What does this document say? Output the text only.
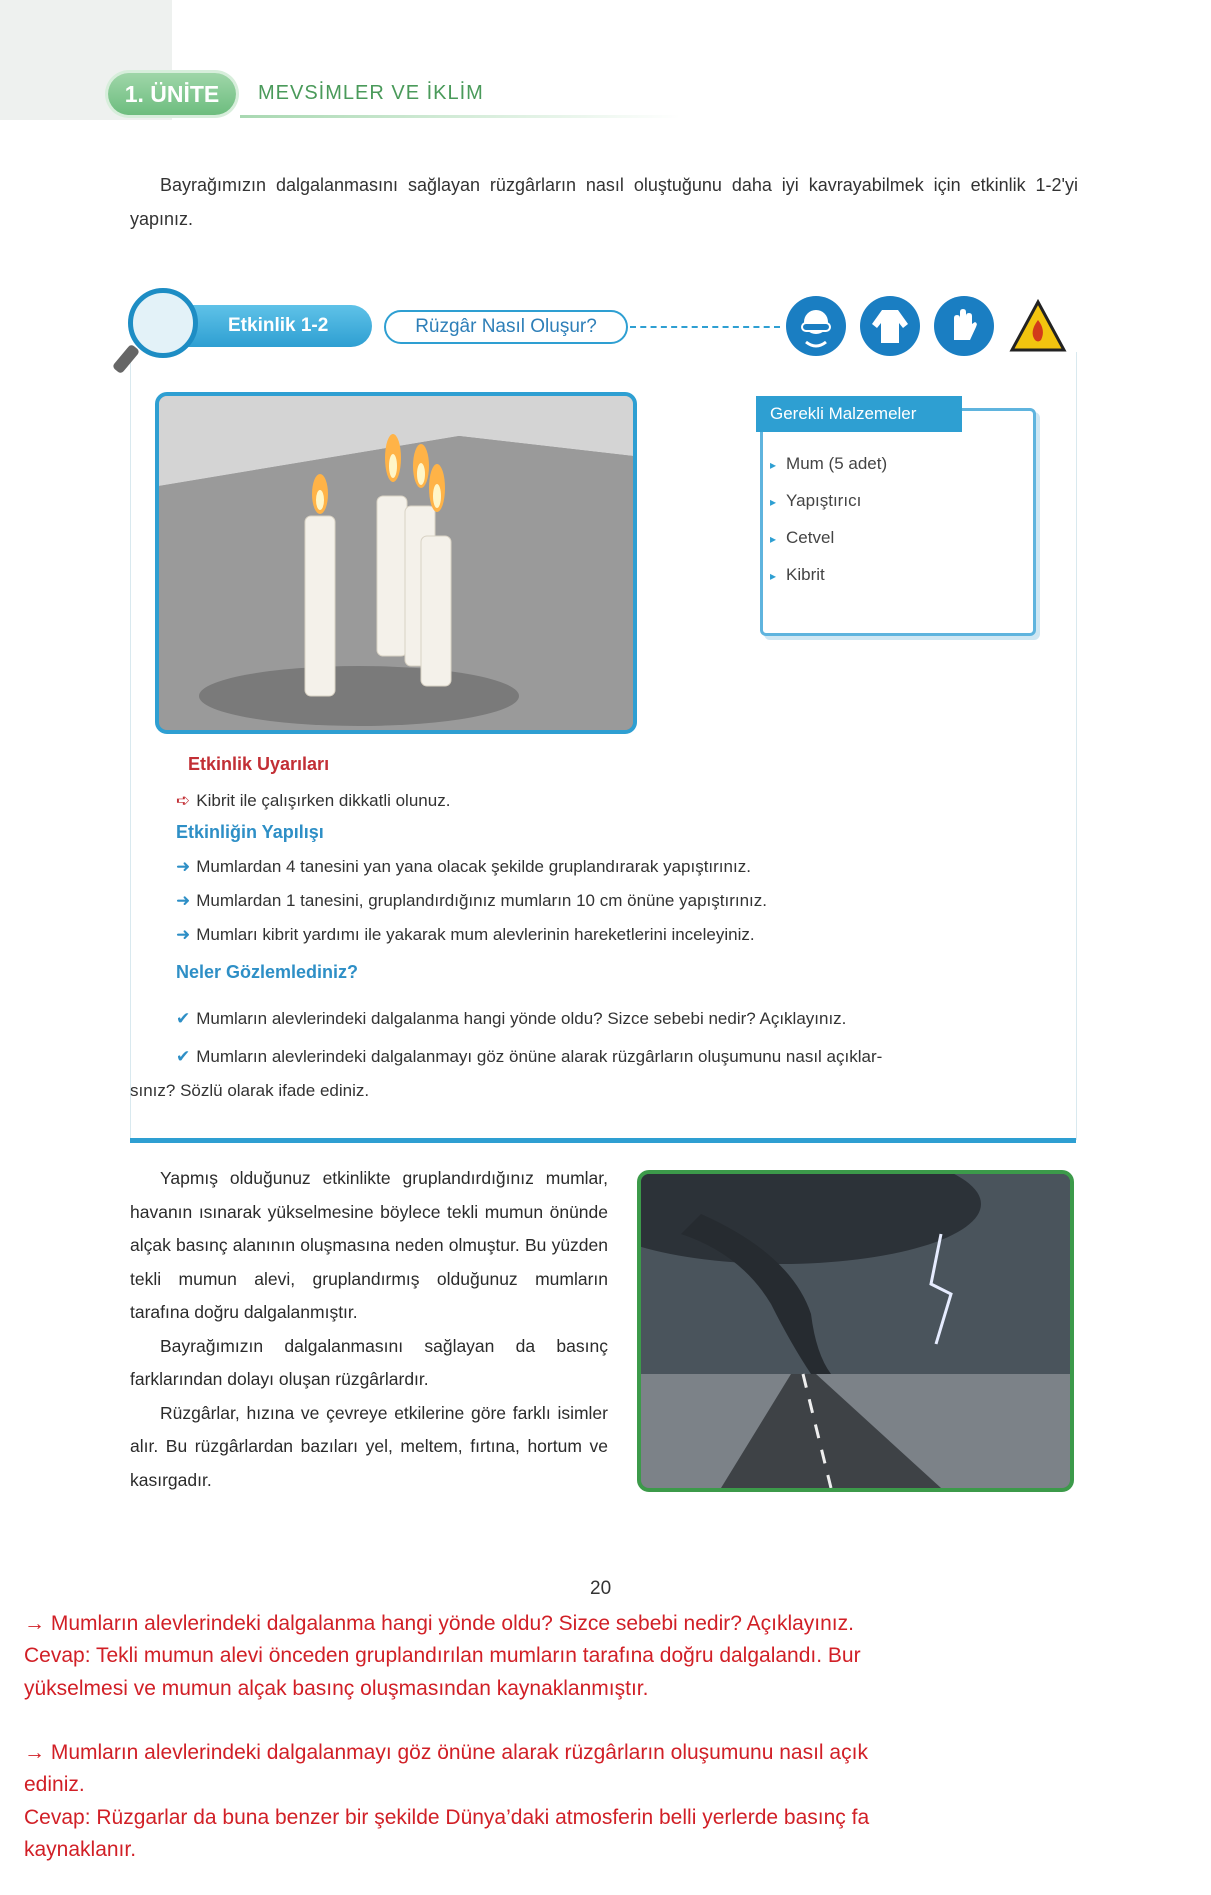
1. ÜNİTE	MEVSİMLER VE İKLİM
Bayrağımızın dalgalanmasını sağlayan rüzgârların nasıl oluştuğunu daha iyi kavrayabilmek için etkinlik 1-2'yi yapınız.
Etkinlik 1-2	Rüzgâr Nasıl Oluşur?
Gerekli Malzemeler
▸ Mum (5 adet)
▸ Yapıştırıcı
▸ Cetvel
▸ Kibrit
Etkinlik Uyarıları
➪ Kibrit ile çalışırken dikkatli olunuz.
Etkinliğin Yapılışı
➜ Mumlardan 4 tanesini yan yana olacak şekilde gruplandırarak yapıştırınız.
➜ Mumlardan 1 tanesini, gruplandırdığınız mumların 10 cm önüne yapıştırınız.
➜ Mumları kibrit yardımı ile yakarak mum alevlerinin hareketlerini inceleyiniz.
Neler Gözlemlediniz?
✔ Mumların alevlerindeki dalgalanma hangi yönde oldu? Sizce sebebi nedir? Açıklayınız.
✔ Mumların alevlerindeki dalgalanmayı göz önüne alarak rüzgârların oluşumunu nasıl açıklar-
sınız? Sözlü olarak ifade ediniz.

Yapmış olduğunuz etkinlikte gruplandırdığınız mumlar, havanın ısınarak yükselmesine böylece tekli mumun önünde alçak basınç alanının oluşmasına neden olmuştur. Bu yüzden tekli mumun alevi, gruplandırmış olduğunuz mumların tarafına doğru dalgalanmıştır.

Bayrağımızın dalgalanmasını sağlayan da basınç farklarından dolayı oluşan rüzgârlardır.

Rüzgârlar, hızına ve çevreye etkilerine göre farklı isimler alır. Bu rüzgârlardan bazıları yel, meltem, fırtına, hortum ve kasırgadır.

20
→ Mumların alevlerindeki dalgalanma hangi yönde oldu? Sizce sebebi nedir? Açıklayınız.
Cevap: Tekli mumun alevi önceden gruplandırılan mumların tarafına doğru dalgalandı. Bur
yükselmesi ve mumun alçak basınç oluşmasından kaynaklanmıştır.
→ Mumların alevlerindeki dalgalanmayı göz önüne alarak rüzgârların oluşumunu nasıl açık
ediniz.
Cevap: Rüzgarlar da buna benzer bir şekilde Dünya’daki atmosferin belli yerlerde basınç fa
kaynaklanır.
